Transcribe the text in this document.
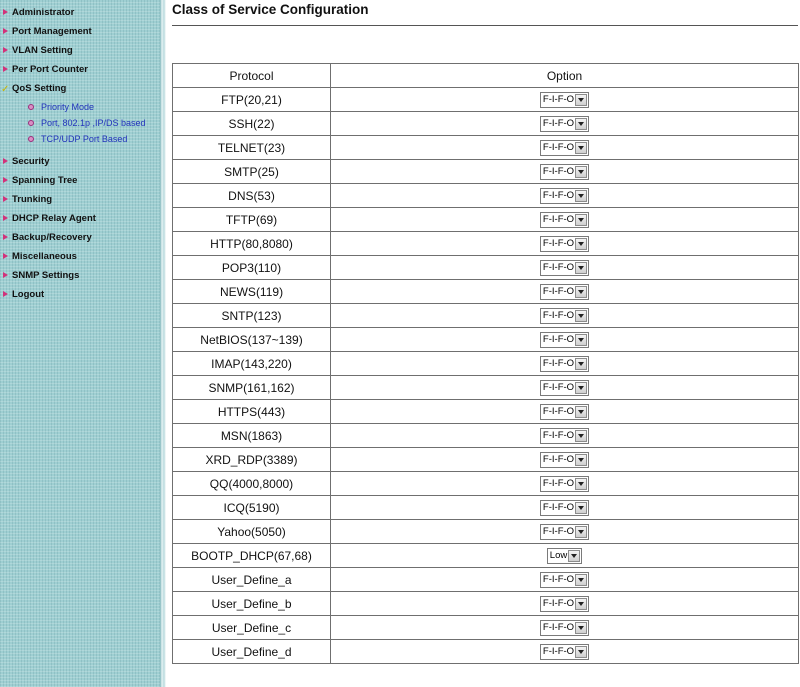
Administrator
Port Management
VLAN Setting
Per Port Counter
✓ QoS Setting
Priority Mode
Port, 802.1p ,IP/DS based
TCP/UDP Port Based
Security
Spanning Tree
Trunking
DHCP Relay Agent
Backup/Recovery
Miscellaneous
SNMP Settings
Logout
Class of Service Configuration
Protocol	Option
FTP(20,21)	F-I-F-O

SSH(22)	F-I-F-O

TELNET(23)	F-I-F-O

SMTP(25)	F-I-F-O

DNS(53)	F-I-F-O

TFTP(69)	F-I-F-O

HTTP(80,8080)	F-I-F-O

POP3(110)	F-I-F-O

NEWS(119)	F-I-F-O

SNTP(123)	F-I-F-O

NetBIOS(137~139)	F-I-F-O

IMAP(143,220)	F-I-F-O

SNMP(161,162)	F-I-F-O

HTTPS(443)	F-I-F-O

MSN(1863)	F-I-F-O

XRD_RDP(3389)	F-I-F-O

QQ(4000,8000)	F-I-F-O

ICQ(5190)	F-I-F-O

Yahoo(5050)	F-I-F-O

BOOTP_DHCP(67,68)	Low

User_Define_a	F-I-F-O

User_Define_b	F-I-F-O

User_Define_c	F-I-F-O

User_Define_d	F-I-F-O
